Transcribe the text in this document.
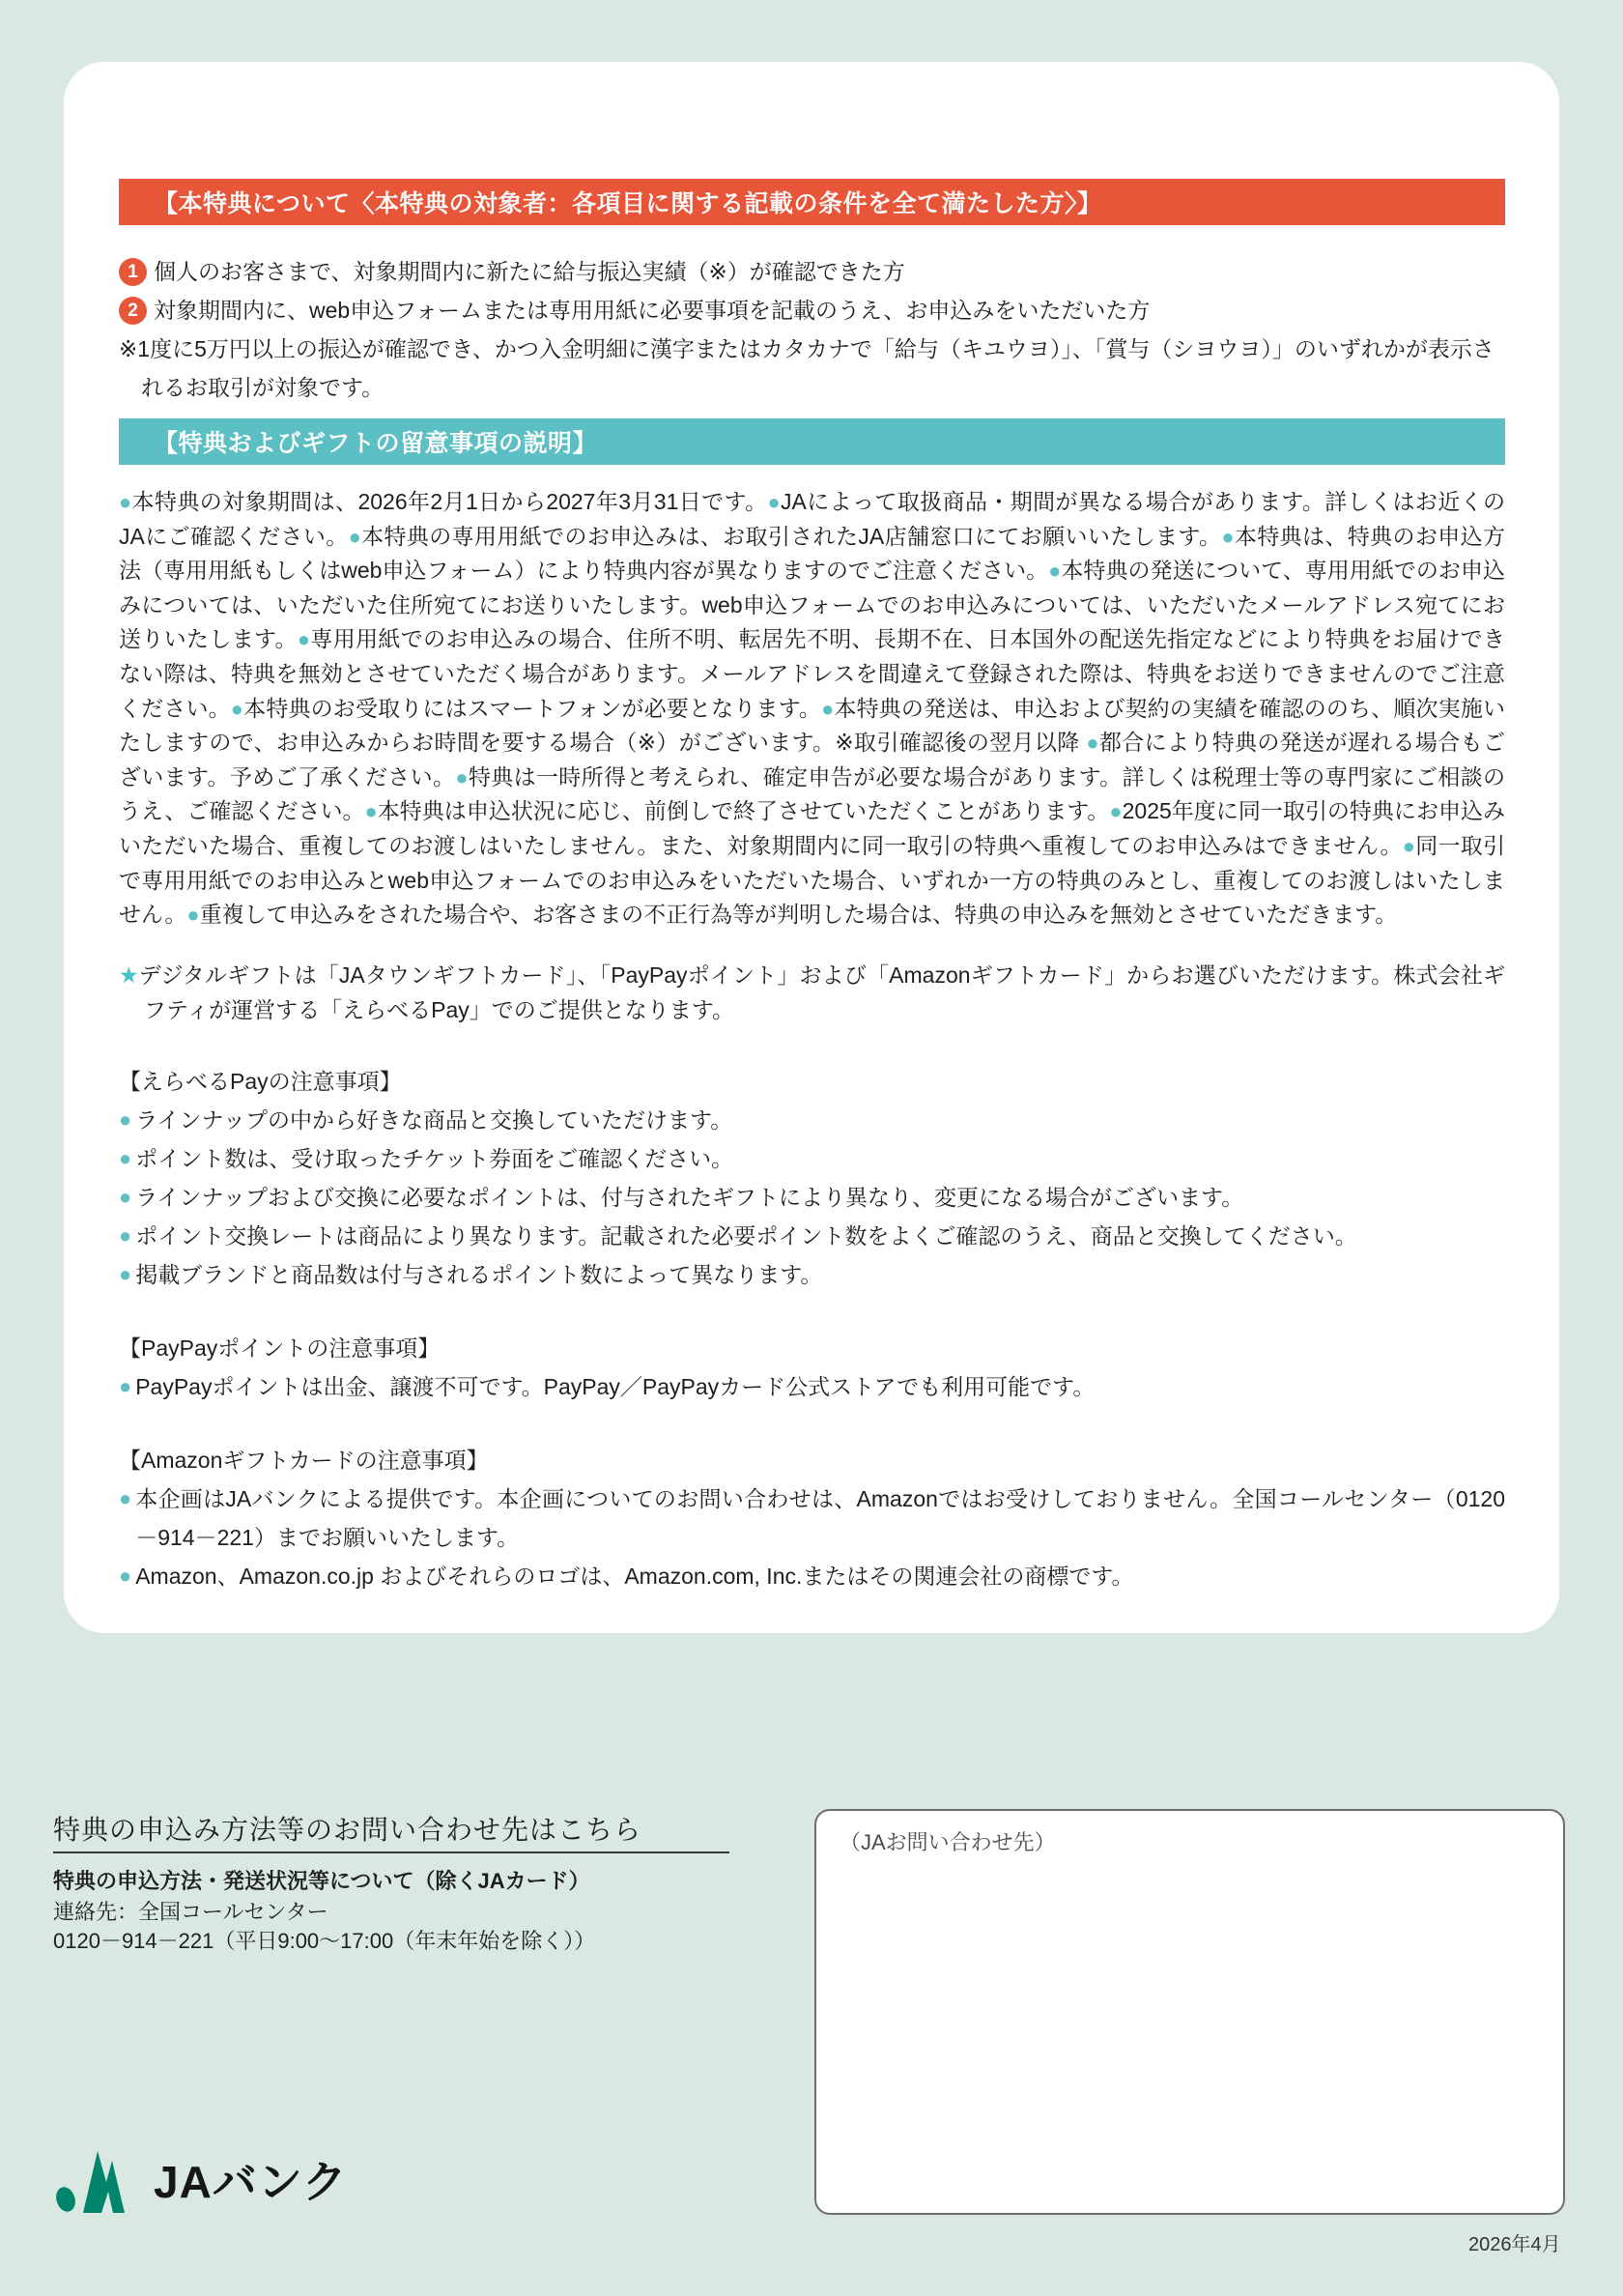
【本特典について〈本特典の対象者：各項目に関する記載の条件を全て満たした方〉】
1 個人のお客さまで、対象期間内に新たに給与振込実績（※）が確認できた方
2 対象期間内に、web申込フォームまたは専用用紙に必要事項を記載のうえ、お申込みをいただいた方
※1度に5万円以上の振込が確認でき、かつ入金明細に漢字またはカタカナで「給与（キユウヨ）」、「賞与（シヨウヨ）」のいずれかが表示されるお取引が対象です。
【特典およびギフトの留意事項の説明】
●本特典の対象期間は、2026年2月1日から2027年3月31日です。●JAによって取扱商品・期間が異なる場合があります。詳しくはお近くのJAにご確認ください。●本特典の専用用紙でのお申込みは、お取引されたJA店舗窓口にてお願いいたします。●本特典は、特典のお申込方法（専用用紙もしくはweb申込フォーム）により特典内容が異なりますのでご注意ください。●本特典の発送について、専用用紙でのお申込みについては、いただいた住所宛てにお送りいたします。web申込フォームでのお申込みについては、いただいたメールアドレス宛てにお送りいたします。●専用用紙でのお申込みの場合、住所不明、転居先不明、長期不在、日本国外の配送先指定などにより特典をお届けできない際は、特典を無効とさせていただく場合があります。メールアドレスを間違えて登録された際は、特典をお送りできませんのでご注意ください。●本特典のお受取りにはスマートフォンが必要となります。●本特典の発送は、申込および契約の実績を確認ののち、順次実施いたしますので、お申込みからお時間を要する場合（※）がございます。※取引確認後の翌月以降 ●都合により特典の発送が遅れる場合もございます。予めご了承ください。●特典は一時所得と考えられ、確定申告が必要な場合があります。詳しくは税理士等の専門家にご相談のうえ、ご確認ください。●本特典は申込状況に応じ、前倒しで終了させていただくことがあります。●2025年度に同一取引の特典にお申込みいただいた場合、重複してのお渡しはいたしません。また、対象期間内に同一取引の特典へ重複してのお申込みはできません。●同一取引で専用用紙でのお申込みとweb申込フォームでのお申込みをいただいた場合、いずれか一方の特典のみとし、重複してのお渡しはいたしません。●重複して申込みをされた場合や、お客さまの不正行為等が判明した場合は、特典の申込みを無効とさせていただきます。
★デジタルギフトは「JAタウンギフトカード」、「PayPayポイント」および「Amazonギフトカード」からお選びいただけます。株式会社ギフティが運営する「えらべるPay」でのご提供となります。
【えらべるPayの注意事項】
● ラインナップの中から好きな商品と交換していただけます。
● ポイント数は、受け取ったチケット券面をご確認ください。
● ラインナップおよび交換に必要なポイントは、付与されたギフトにより異なり、変更になる場合がございます。
● ポイント交換レートは商品により異なります。記載された必要ポイント数をよくご確認のうえ、商品と交換してください。
● 掲載ブランドと商品数は付与されるポイント数によって異なります。
【PayPayポイントの注意事項】
● PayPayポイントは出金、譲渡不可です。PayPay／PayPayカード公式ストアでも利用可能です。
【Amazonギフトカードの注意事項】
● 本企画はJAバンクによる提供です。本企画についてのお問い合わせは、Amazonではお受けしておりません。全国コールセンター（0120－914－221）までお願いいたします。
● Amazon、Amazon.co.jp およびそれらのロゴは、Amazon.com, Inc.またはその関連会社の商標です。
特典の申込み方法等のお問い合わせ先はこちら
特典の申込方法・発送状況等について（除くJAカード）
連絡先：全国コールセンター
0120－914－221（平日9:00～17:00（年末年始を除く））
（JAお問い合わせ先）
JAバンク
2026年4月
